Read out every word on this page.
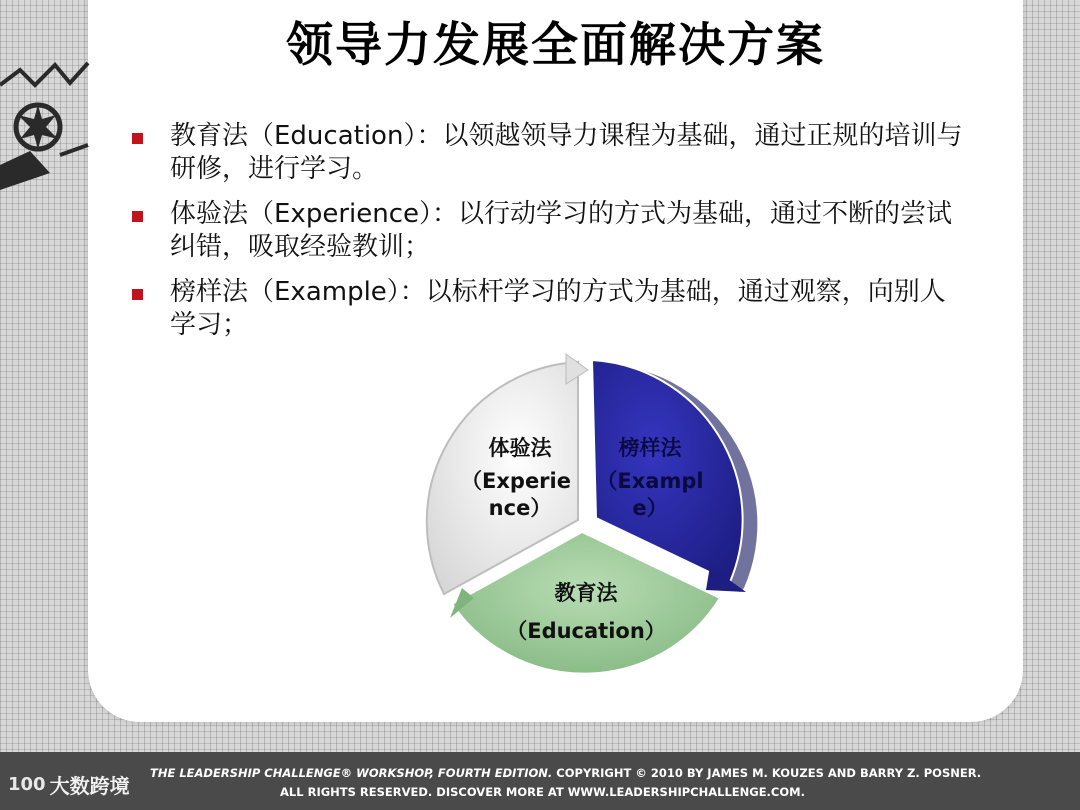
领导力发展全面解决方案
教育法（Education）：以领越领导力课程为基础，通过正规的培训与研修，进行学习。
体验法（Experience）：以行动学习的方式为基础，通过不断的尝试纠错，吸取经验教训；
榜样法（Example）：以标杆学习的方式为基础，通过观察，向别人学习；
体验法
（Experie
nce）
榜样法
（Exampl
e）
教育法
（Education）
100 大数跨境
THE LEADERSHIP CHALLENGE® WORKSHOP, FOURTH EDITION. COPYRIGHT © 2010 BY JAMES M. KOUZES AND BARRY Z. POSNER.
ALL RIGHTS RESERVED. DISCOVER MORE AT WWW.LEADERSHIPCHALLENGE.COM.
